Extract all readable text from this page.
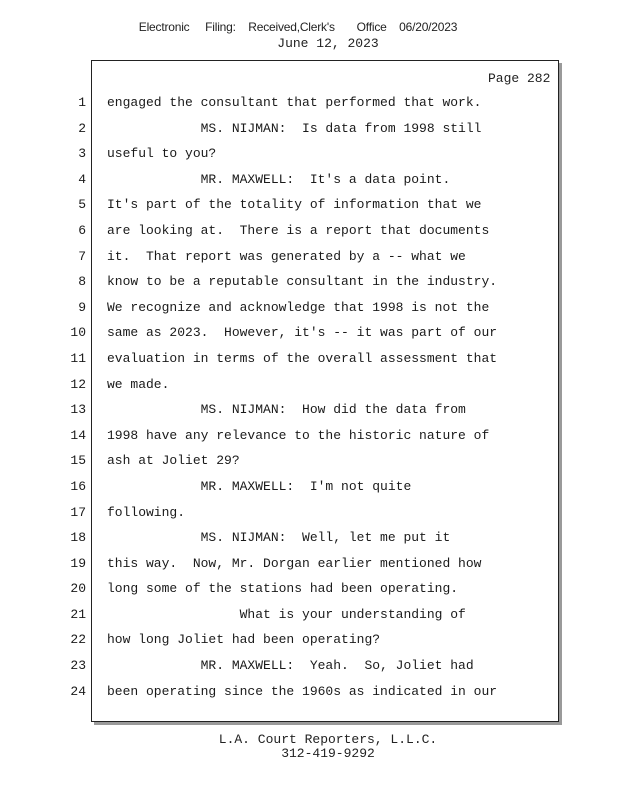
Electronic     Filing:    Received,Clerk's       Office    06/20/2023
June 12, 2023
Page 282
1
2
3
4
5
6
7
8
9
10
11
12
13
14
15
16
17
18
19
20
21
22
23
24
engaged the consultant that performed that work.
MS. NIJMAN:  Is data from 1998 still
useful to you?
MR. MAXWELL:  It's a data point.
It's part of the totality of information that we
are looking at.  There is a report that documents
it.  That report was generated by a -- what we
know to be a reputable consultant in the industry.
We recognize and acknowledge that 1998 is not the
same as 2023.  However, it's -- it was part of our
evaluation in terms of the overall assessment that
we made.
MS. NIJMAN:  How did the data from
1998 have any relevance to the historic nature of
ash at Joliet 29?
MR. MAXWELL:  I'm not quite
following.
MS. NIJMAN:  Well, let me put it
this way.  Now, Mr. Dorgan earlier mentioned how
long some of the stations had been operating.
What is your understanding of
how long Joliet had been operating?
MR. MAXWELL:  Yeah.  So, Joliet had
been operating since the 1960s as indicated in our
L.A. Court Reporters, L.L.C.
312-419-9292
